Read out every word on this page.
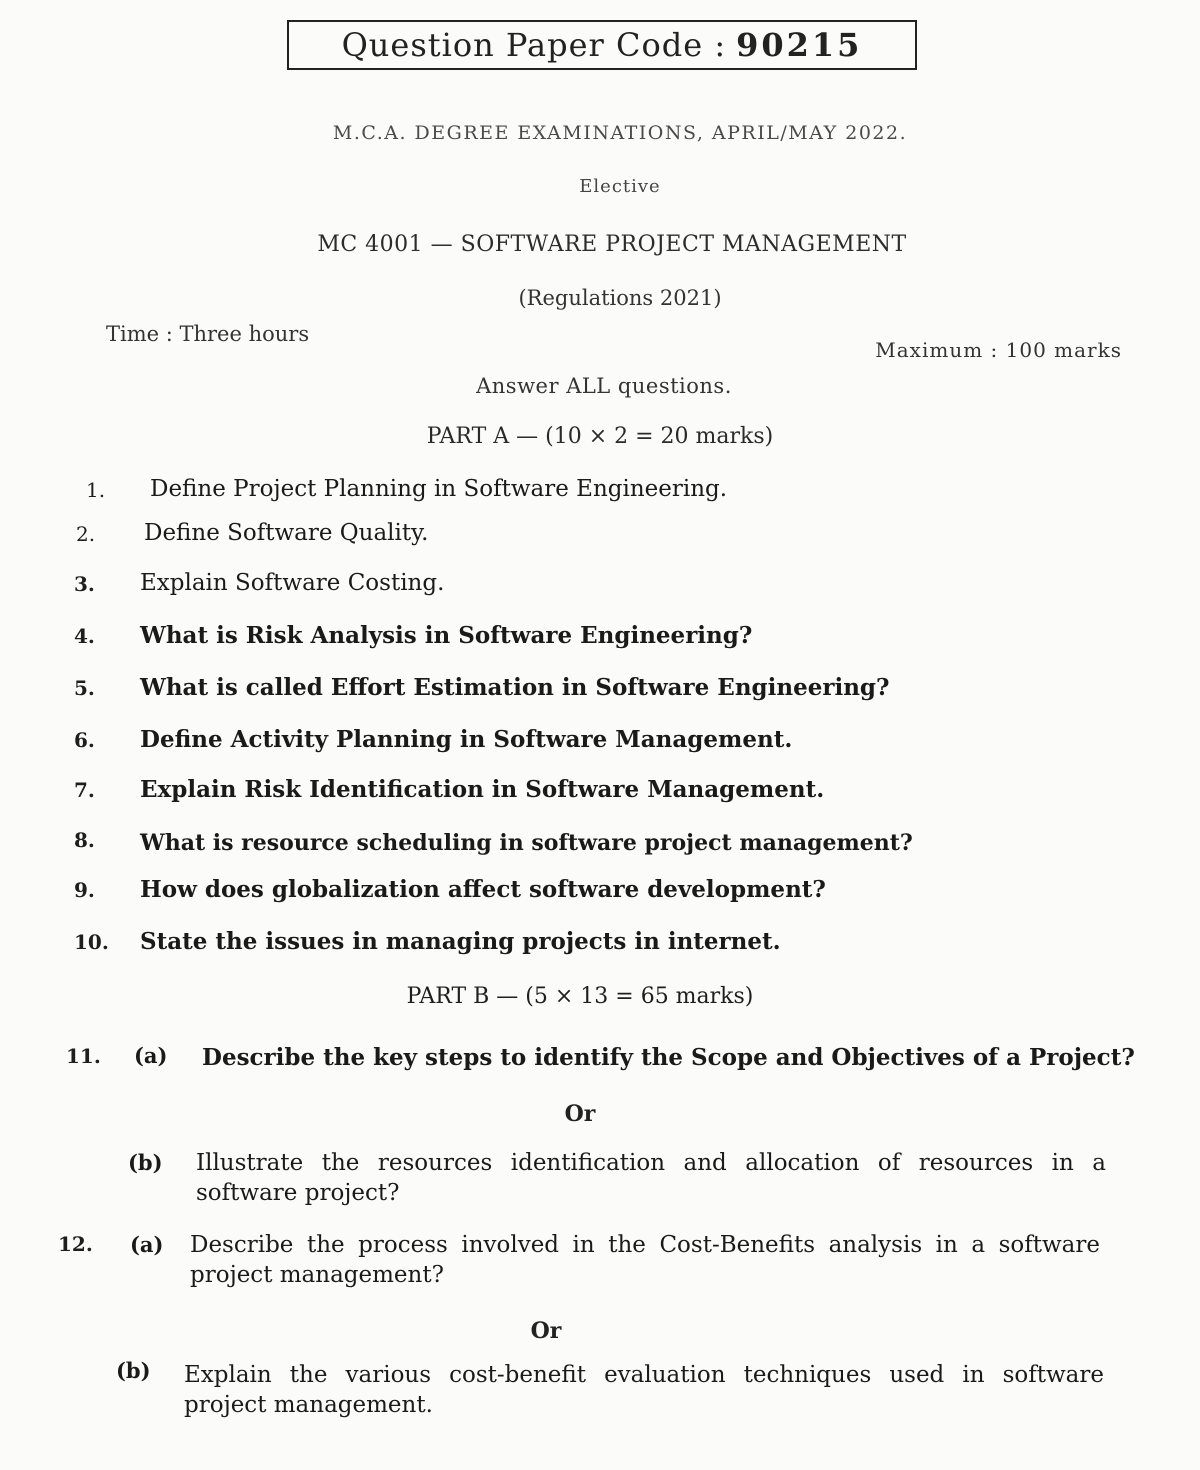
Question Paper Code : 90215
M.C.A. DEGREE EXAMINATIONS, APRIL/MAY 2022.
Elective
MC 4001 — SOFTWARE PROJECT MANAGEMENT
(Regulations 2021)
Time : Three hours
Maximum : 100 marks
Answer ALL questions.
PART A — (10 × 2 = 20 marks)
1. Define Project Planning in Software Engineering.
2. Define Software Quality.
3. Explain Software Costing.
4. What is Risk Analysis in Software Engineering?
5. What is called Effort Estimation in Software Engineering?
6. Define Activity Planning in Software Management.
7. Explain Risk Identification in Software Management.
8. What is resource scheduling in software project management?
9. How does globalization affect software development?
10. State the issues in managing projects in internet.
PART B — (5 × 13 = 65 marks)
11. (a) Describe the key steps to identify the Scope and Objectives of a Project?
Or
(b) Illustrate the resources identification and allocation of resources in a software project?
12. (a) Describe the process involved in the Cost-Benefits analysis in a software project management?
Or
(b) Explain the various cost-benefit evaluation techniques used in software project management.
